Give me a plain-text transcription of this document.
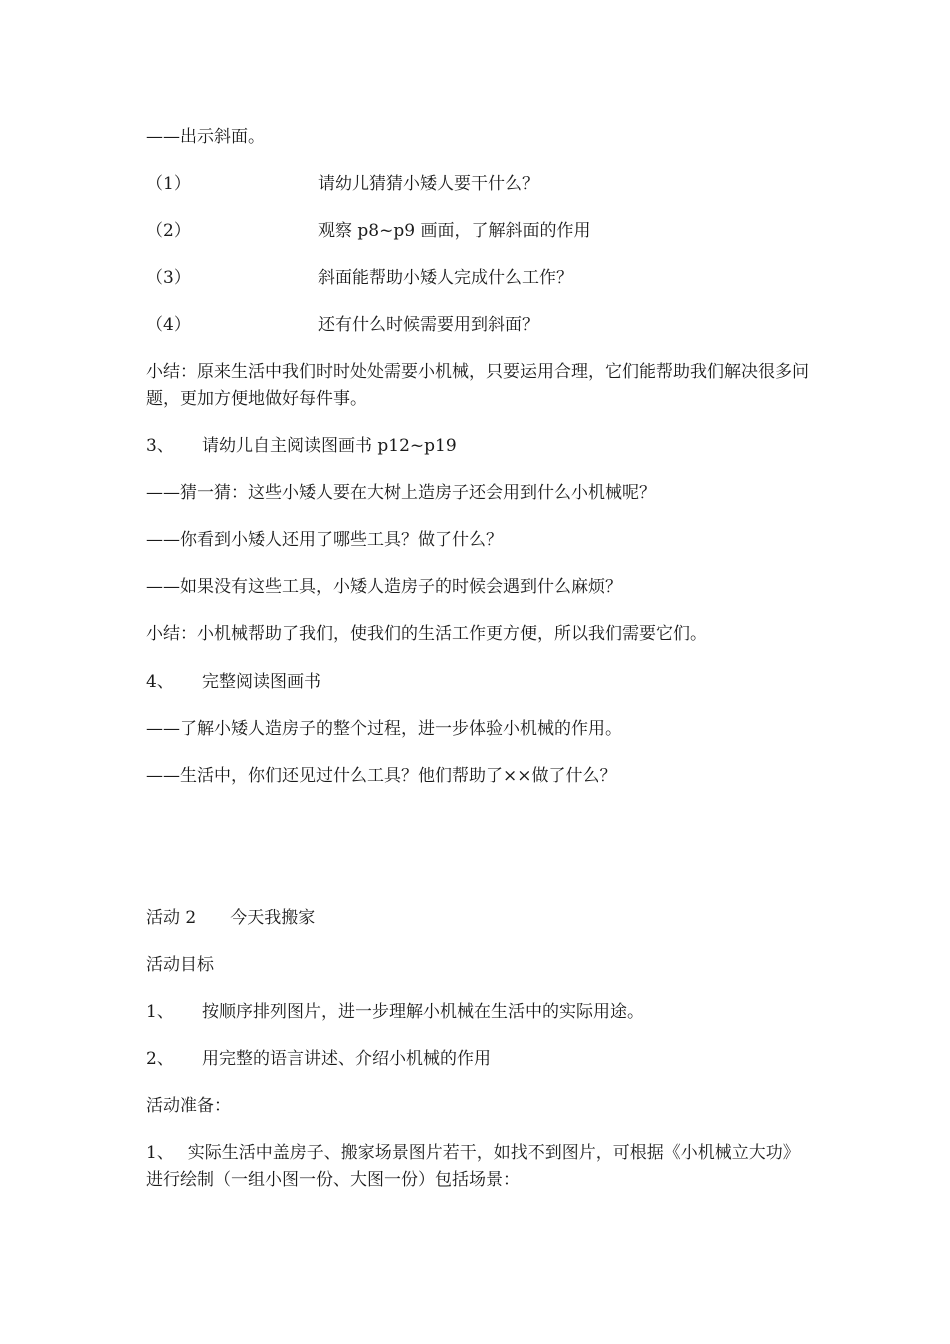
——出示斜面。
（1）	请幼儿猜猜小矮人要干什么？
（2）	观察 p8~p9 画面，了解斜面的作用
（3）	斜面能帮助小矮人完成什么工作？
（4）	还有什么时候需要用到斜面？
小结：原来生活中我们时时处处需要小机械，只要运用合理，它们能帮助我们解决很多问题，更加方便地做好每件事。
3、 请幼儿自主阅读图画书 p12~p19
——猜一猜：这些小矮人要在大树上造房子还会用到什么小机械呢？
——你看到小矮人还用了哪些工具？做了什么？
——如果没有这些工具，小矮人造房子的时候会遇到什么麻烦？
小结：小机械帮助了我们，使我们的生活工作更方便，所以我们需要它们。
4、 完整阅读图画书
——了解小矮人造房子的整个过程，进一步体验小机械的作用。
——生活中，你们还见过什么工具？他们帮助了××做了什么？
活动 2　　今天我搬家
活动目标
1、 按顺序排列图片，进一步理解小机械在生活中的实际用途。
2、 用完整的语言讲述、介绍小机械的作用
活动准备：
1、　 实际生活中盖房子、搬家场景图片若干，如找不到图片，可根据《小机械立大功》进行绘制（一组小图一份、大图一份）包括场景：
